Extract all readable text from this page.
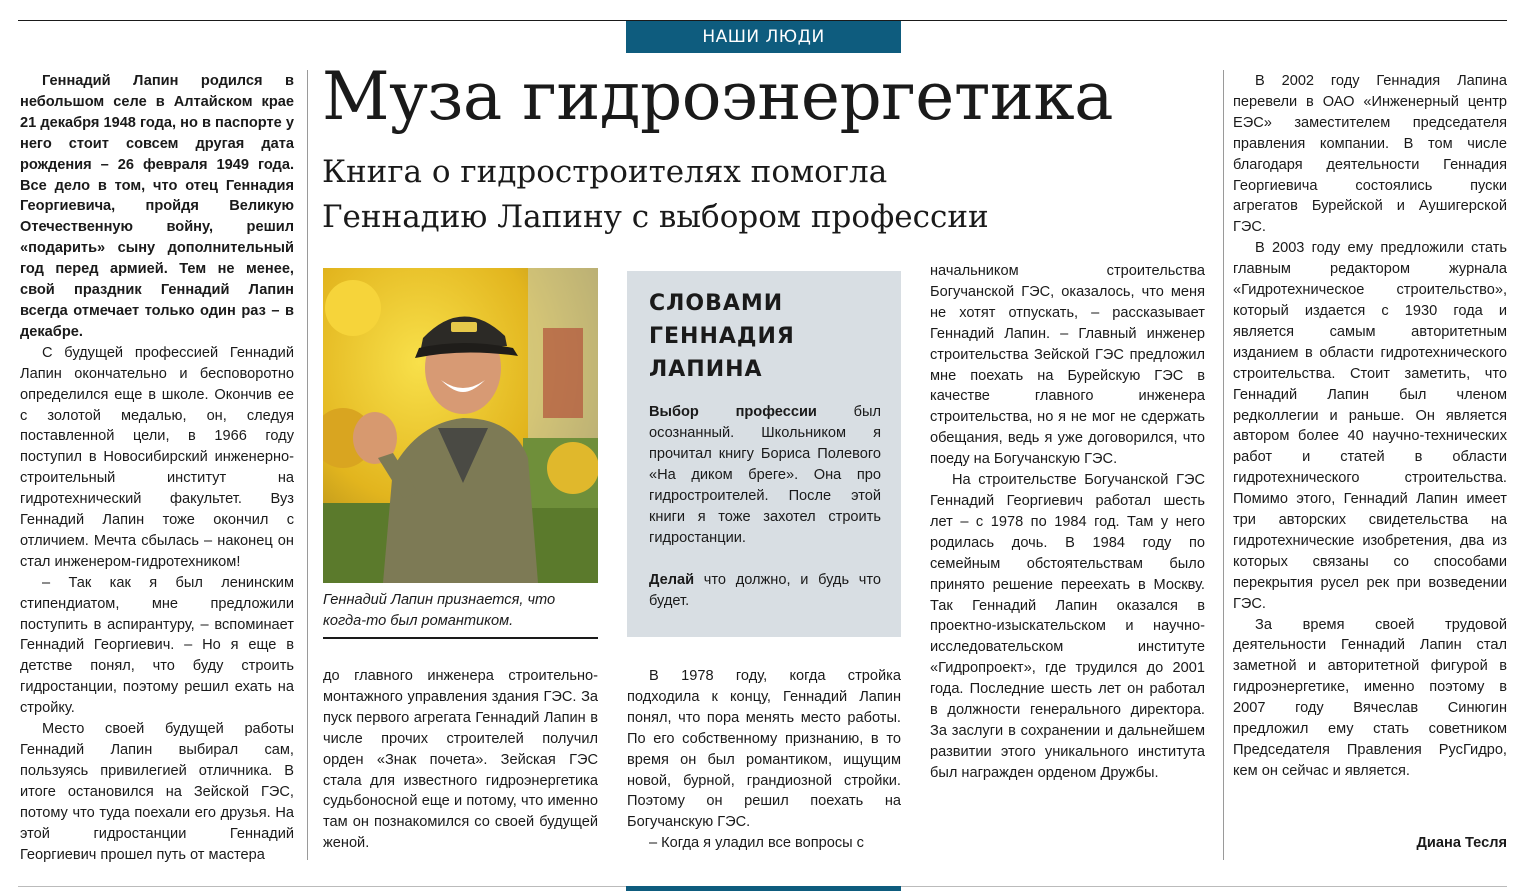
НАШИ ЛЮДИ
Муза гидроэнергетика
Книга о гидростроителях помогла
Геннадию Лапину с выбором профессии

Геннадий Лапин родился в небольшом селе в Алтайском крае 21 декабря 1948 года, но в паспорте у него стоит совсем другая дата рождения – 26 февраля 1949 года. Все дело в том, что отец Геннадия Георгиевича, пройдя Великую Отечественную войну, решил «подарить» сыну дополнительный год перед армией. Тем не менее, свой праздник Геннадий Лапин всегда отмечает только один раз – в декабре.

С будущей профессией Геннадий Лапин окончательно и бесповоротно определился еще в школе. Окончив ее с золотой медалью, он, следуя поставленной цели, в 1966 году поступил в Новосибирский инженерно-строительный институт на гидротехнический факультет. Вуз Геннадий Лапин тоже окончил с отличием. Мечта сбылась – наконец он стал инженером-гидротехником!

– Так как я был ленинским стипендиатом, мне предложили поступить в аспирантуру, – вспоминает Геннадий Георгиевич. – Но я еще в детстве понял, что буду строить гидростанции, поэтому решил ехать на стройку.

Место своей будущей работы Геннадий Лапин выбирал сам, пользуясь привилегией отличника. В итоге остановился на Зейской ГЭС, потому что туда поехали его друзья. На этой гидростанции Геннадий Георгиевич прошел путь от мастера

Геннадий Лапин признается, что когда-то был романтиком.
СЛОВАМИ ГЕННАДИЯ ЛАПИНА

Выбор профессии был осознанный. Школьником я прочитал книгу Бориса Полевого «На диком бреге». Она про гидростроителей. После этой книги я тоже захотел строить гидростанции.

Делай что должно, и будь что будет.

до главного инженера строительно-монтажного управления здания ГЭС. За пуск первого агрегата Геннадий Лапин в числе прочих строителей получил орден «Знак почета». Зейская ГЭС стала для известного гидроэнергетика судьбоносной еще и потому, что именно там он познакомился со своей будущей женой.

В 1978 году, когда стройка подходила к концу, Геннадий Лапин понял, что пора менять место работы. По его собственному признанию, в то время он был романтиком, ищущим новой, бурной, грандиозной стройки. Поэтому он решил поехать на Богучанскую ГЭС.

– Когда я уладил все вопросы с

начальником строительства Богучанской ГЭС, оказалось, что меня не хотят отпускать, – рассказывает Геннадий Лапин. – Главный инженер строительства Зейской ГЭС предложил мне поехать на Бурейскую ГЭС в качестве главного инженера строительства, но я не мог не сдержать обещания, ведь я уже договорился, что поеду на Богучанскую ГЭС.

На строительстве Богучанской ГЭС Геннадий Георгиевич работал шесть лет – с 1978 по 1984 год. Там у него родилась дочь. В 1984 году по семейным обстоятельствам было принято решение переехать в Москву. Так Геннадий Лапин оказался в проектно-изыскательском и научно-исследовательском институте «Гидропроект», где трудился до 2001 года. Последние шесть лет он работал в должности генерального директора. За заслуги в сохранении и дальнейшем развитии этого уникального института был награжден орденом Дружбы.

В 2002 году Геннадия Лапина перевели в ОАО «Инженерный центр ЕЭС» заместителем председателя правления компании. В том числе благодаря деятельности Геннадия Георгиевича состоялись пуски агрегатов Бурейской и Аушигерской ГЭС.

В 2003 году ему предложили стать главным редактором журнала «Гидротехническое строительство», который издается с 1930 года и является самым авторитетным изданием в области гидротехнического строительства. Стоит заметить, что Геннадий Лапин был членом редколлегии и раньше. Он является автором более 40 научно-технических работ и статей в области гидротехнического строительства. Помимо этого, Геннадий Лапин имеет три авторских свидетельства на гидротехнические изобретения, два из которых связаны со способами перекрытия русел рек при возведении ГЭС.

За время своей трудовой деятельности Геннадий Лапин стал заметной и авторитетной фигурой в гидроэнергетике, именно поэтому в 2007 году Вячеслав Синюгин предложил ему стать советником Председателя Правления РусГидро, кем он сейчас и является.

Диана Тесля
